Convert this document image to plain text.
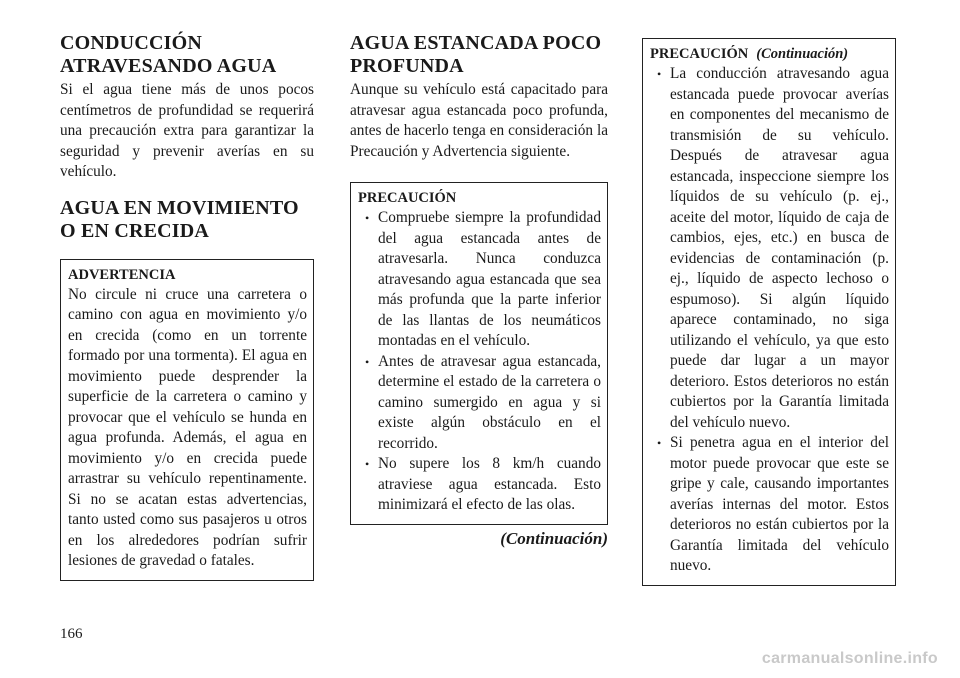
CONDUCCIÓN ATRAVESANDO AGUA

Si el agua tiene más de unos pocos centímetros de profundidad se requerirá una precaución extra para garantizar la seguridad y prevenir averías en su vehículo.

AGUA EN MOVIMIENTO O EN CRECIDA
ADVERTENCIA

No circule ni cruce una carretera o camino con agua en movimiento y/o en crecida (como en un torrente formado por una tormenta). El agua en movimiento puede desprender la superficie de la carretera o camino y provocar que el vehículo se hunda en agua profunda. Además, el agua en movimiento y/o en crecida puede arrastrar su vehículo repentinamente. Si no se acatan estas advertencias, tanto usted como sus pasajeros u otros en los alrededores podrían sufrir lesiones de gravedad o fatales.

AGUA ESTANCADA POCO PROFUNDA

Aunque su vehículo está capacitado para atravesar agua estancada poco profunda, antes de hacerlo tenga en consideración la Precaución y Advertencia siguiente.

PRECAUCIÓN
• Compruebe siempre la profundidad del agua estancada antes de atravesarla. Nunca conduzca atravesando agua estancada que sea más profunda que la parte inferior de las llantas de los neumáticos montadas en el vehículo.
• Antes de atravesar agua estancada, determine el estado de la carretera o camino sumergido en agua y si existe algún obstáculo en el recorrido.
• No supere los 8 km/h cuando atraviese agua estancada. Esto minimizará el efecto de las olas.
(Continuación)
PRECAUCIÓN (Continuación)
• La conducción atravesando agua estancada puede provocar averías en componentes del mecanismo de transmisión de su vehículo. Después de atravesar agua estancada, inspeccione siempre los líquidos de su vehículo (p. ej., aceite del motor, líquido de caja de cambios, ejes, etc.) en busca de evidencias de contaminación (p. ej., líquido de aspecto lechoso o espumoso). Si algún líquido aparece contaminado, no siga utilizando el vehículo, ya que esto puede dar lugar a un mayor deterioro. Estos deterioros no están cubiertos por la Garantía limitada del vehículo nuevo.
• Si penetra agua en el interior del motor puede provocar que este se gripe y cale, causando importantes averías internas del motor. Estos deterioros no están cubiertos por la Garantía limitada del vehículo nuevo.
166
carmanualsonline.info
